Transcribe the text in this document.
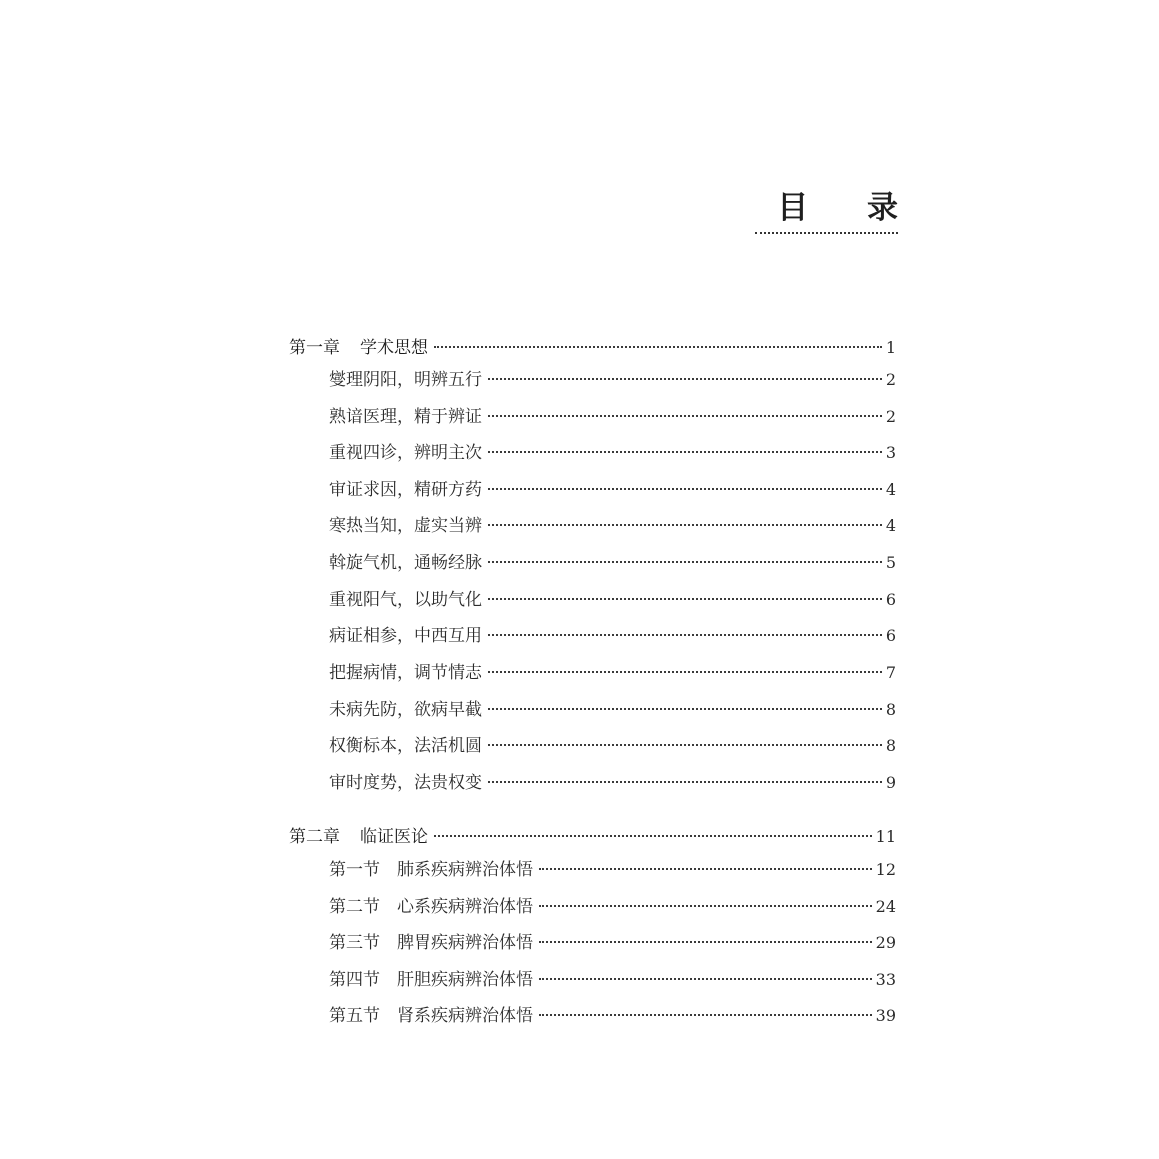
目 录
第一章 学术思想	1
燮理阴阳，明辨五行	2
熟谙医理，精于辨证	2
重视四诊，辨明主次	3
审证求因，精研方药	4
寒热当知，虚实当辨	4
斡旋气机，通畅经脉	5
重视阳气，以助气化	6
病证相参，中西互用	6
把握病情，调节情志	7
未病先防，欲病早截	8
权衡标本，法活机圆	8
审时度势，法贵权变	9
第二章 临证医论	11
第一节　肺系疾病辨治体悟	12
第二节　心系疾病辨治体悟	24
第三节　脾胃疾病辨治体悟	29
第四节　肝胆疾病辨治体悟	33
第五节　肾系疾病辨治体悟	39
